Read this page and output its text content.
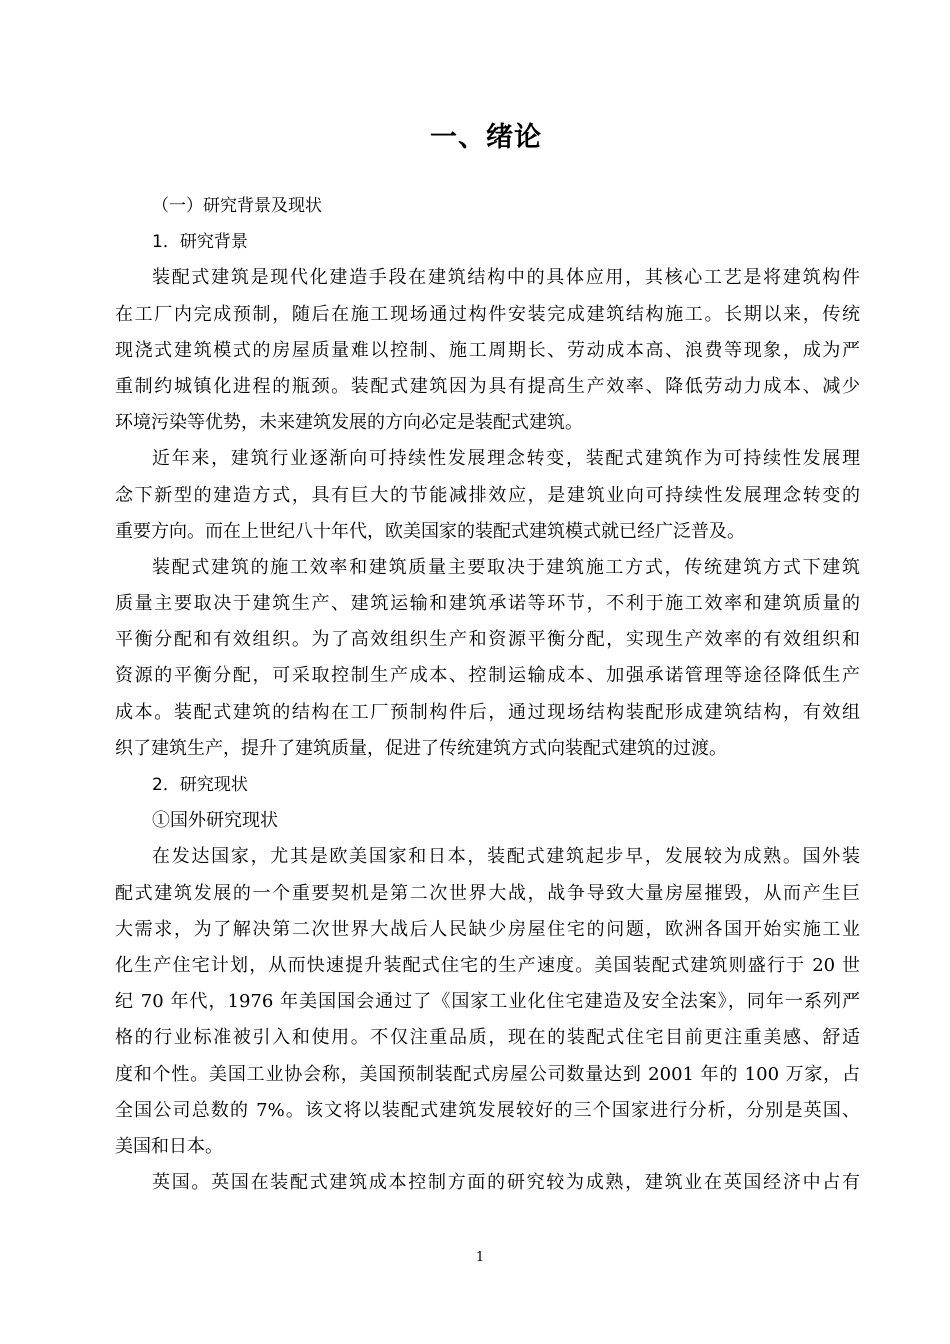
一、绪论
（一）研究背景及现状
1．研究背景
装配式建筑是现代化建造手段在建筑结构中的具体应用，其核心工艺是将建筑构件
在工厂内完成预制，随后在施工现场通过构件安装完成建筑结构施工。长期以来，传统
现浇式建筑模式的房屋质量难以控制、施工周期长、劳动成本高、浪费等现象，成为严
重制约城镇化进程的瓶颈。装配式建筑因为具有提高生产效率、降低劳动力成本、减少
环境污染等优势，未来建筑发展的方向必定是装配式建筑。
近年来，建筑行业逐渐向可持续性发展理念转变，装配式建筑作为可持续性发展理
念下新型的建造方式，具有巨大的节能减排效应，是建筑业向可持续性发展理念转变的
重要方向。而在上世纪八十年代，欧美国家的装配式建筑模式就已经广泛普及。
装配式建筑的施工效率和建筑质量主要取决于建筑施工方式，传统建筑方式下建筑
质量主要取决于建筑生产、建筑运输和建筑承诺等环节，不利于施工效率和建筑质量的
平衡分配和有效组织。为了高效组织生产和资源平衡分配，实现生产效率的有效组织和
资源的平衡分配，可采取控制生产成本、控制运输成本、加强承诺管理等途径降低生产
成本。装配式建筑的结构在工厂预制构件后，通过现场结构装配形成建筑结构，有效组
织了建筑生产，提升了建筑质量，促进了传统建筑方式向装配式建筑的过渡。
2．研究现状
①国外研究现状
在发达国家，尤其是欧美国家和日本，装配式建筑起步早，发展较为成熟。国外装
配式建筑发展的一个重要契机是第二次世界大战，战争导致大量房屋摧毁，从而产生巨
大需求，为了解决第二次世界大战后人民缺少房屋住宅的问题，欧洲各国开始实施工业
化生产住宅计划，从而快速提升装配式住宅的生产速度。美国装配式建筑则盛行于 20 世
纪 70 年代，1976 年美国国会通过了《国家工业化住宅建造及安全法案》，同年一系列严
格的行业标准被引入和使用。不仅注重品质，现在的装配式住宅目前更注重美感、舒适
度和个性。美国工业协会称，美国预制装配式房屋公司数量达到 2001 年的 100 万家，占
全国公司总数的 7%。该文将以装配式建筑发展较好的三个国家进行分析，分别是英国、
美国和日本。
英国。英国在装配式建筑成本控制方面的研究较为成熟，建筑业在英国经济中占有
1
